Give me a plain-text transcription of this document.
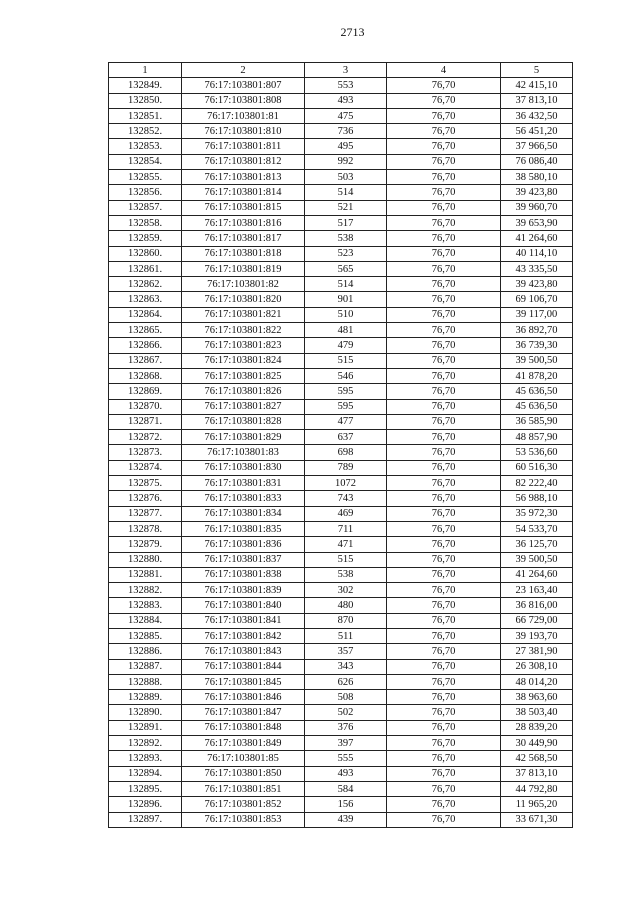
2713
1	2	3	4	5
132849.	76:17:103801:807	553	76,70	42 415,10
132850.	76:17:103801:808	493	76,70	37 813,10
132851.	76:17:103801:81	475	76,70	36 432,50
132852.	76:17:103801:810	736	76,70	56 451,20
132853.	76:17:103801:811	495	76,70	37 966,50
132854.	76:17:103801:812	992	76,70	76 086,40
132855.	76:17:103801:813	503	76,70	38 580,10
132856.	76:17:103801:814	514	76,70	39 423,80
132857.	76:17:103801:815	521	76,70	39 960,70
132858.	76:17:103801:816	517	76,70	39 653,90
132859.	76:17:103801:817	538	76,70	41 264,60
132860.	76:17:103801:818	523	76,70	40 114,10
132861.	76:17:103801:819	565	76,70	43 335,50
132862.	76:17:103801:82	514	76,70	39 423,80
132863.	76:17:103801:820	901	76,70	69 106,70
132864.	76:17:103801:821	510	76,70	39 117,00
132865.	76:17:103801:822	481	76,70	36 892,70
132866.	76:17:103801:823	479	76,70	36 739,30
132867.	76:17:103801:824	515	76,70	39 500,50
132868.	76:17:103801:825	546	76,70	41 878,20
132869.	76:17:103801:826	595	76,70	45 636,50
132870.	76:17:103801:827	595	76,70	45 636,50
132871.	76:17:103801:828	477	76,70	36 585,90
132872.	76:17:103801:829	637	76,70	48 857,90
132873.	76:17:103801:83	698	76,70	53 536,60
132874.	76:17:103801:830	789	76,70	60 516,30
132875.	76:17:103801:831	1072	76,70	82 222,40
132876.	76:17:103801:833	743	76,70	56 988,10
132877.	76:17:103801:834	469	76,70	35 972,30
132878.	76:17:103801:835	711	76,70	54 533,70
132879.	76:17:103801:836	471	76,70	36 125,70
132880.	76:17:103801:837	515	76,70	39 500,50
132881.	76:17:103801:838	538	76,70	41 264,60
132882.	76:17:103801:839	302	76,70	23 163,40
132883.	76:17:103801:840	480	76,70	36 816,00
132884.	76:17:103801:841	870	76,70	66 729,00
132885.	76:17:103801:842	511	76,70	39 193,70
132886.	76:17:103801:843	357	76,70	27 381,90
132887.	76:17:103801:844	343	76,70	26 308,10
132888.	76:17:103801:845	626	76,70	48 014,20
132889.	76:17:103801:846	508	76,70	38 963,60
132890.	76:17:103801:847	502	76,70	38 503,40
132891.	76:17:103801:848	376	76,70	28 839,20
132892.	76:17:103801:849	397	76,70	30 449,90
132893.	76:17:103801:85	555	76,70	42 568,50
132894.	76:17:103801:850	493	76,70	37 813,10
132895.	76:17:103801:851	584	76,70	44 792,80
132896.	76:17:103801:852	156	76,70	11 965,20
132897.	76:17:103801:853	439	76,70	33 671,30
